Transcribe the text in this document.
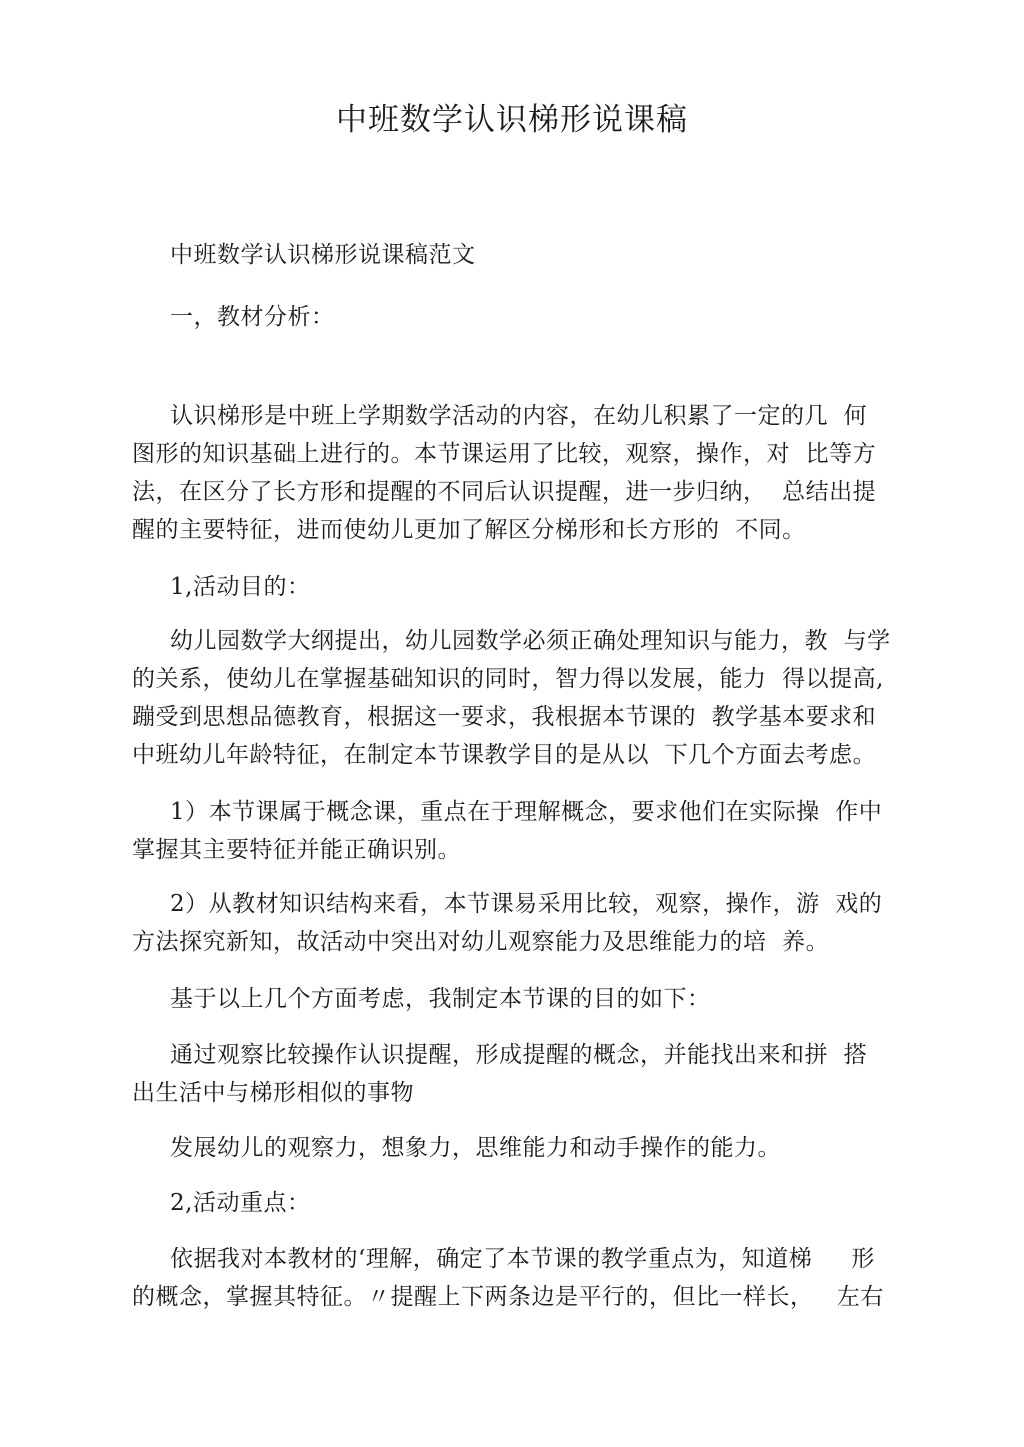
中班数学认识梯形说课稿
中班数学认识梯形说课稿范文
一，教材分析：
认识梯形是中班上学期数学活动的内容，在幼儿积累了一定的几  何
图形的知识基础上进行的。本节课运用了比较，观察，操作，对  比等方
法，在区分了长方形和提醒的不同后认识提醒，进一步归纳，  总结出提
醒的主要特征，进而使幼儿更加了解区分梯形和长方形的  不同。
1,活动目的：
幼儿园数学大纲提出，幼儿园数学必须正确处理知识与能力，教  与学
的关系，使幼儿在掌握基础知识的同时，智力得以发展，能力  得以提高,
蹦受到思想品德教育，根据这一要求，我根据本节课的  教学基本要求和
中班幼儿年龄特征，在制定本节课教学目的是从以  下几个方面去考虑。
1）本节课属于概念课，重点在于理解概念，要求他们在实际操  作中
掌握其主要特征并能正确识别。
2）从教材知识结构来看，本节课易采用比较，观察，操作，游  戏的
方法探究新知，故活动中突出对幼儿观察能力及思维能力的培  养。
基于以上几个方面考虑，我制定本节课的目的如下：
通过观察比较操作认识提醒，形成提醒的概念，并能找出来和拼  搭
出生活中与梯形相似的事物
发展幼儿的观察力，想象力，思维能力和动手操作的能力。
2,活动重点：
依据我对本教材的‘理解，确定了本节课的教学重点为，知道梯     形
的概念，掌握其特征。〃提醒上下两条边是平行的，但比一样长，   左右
